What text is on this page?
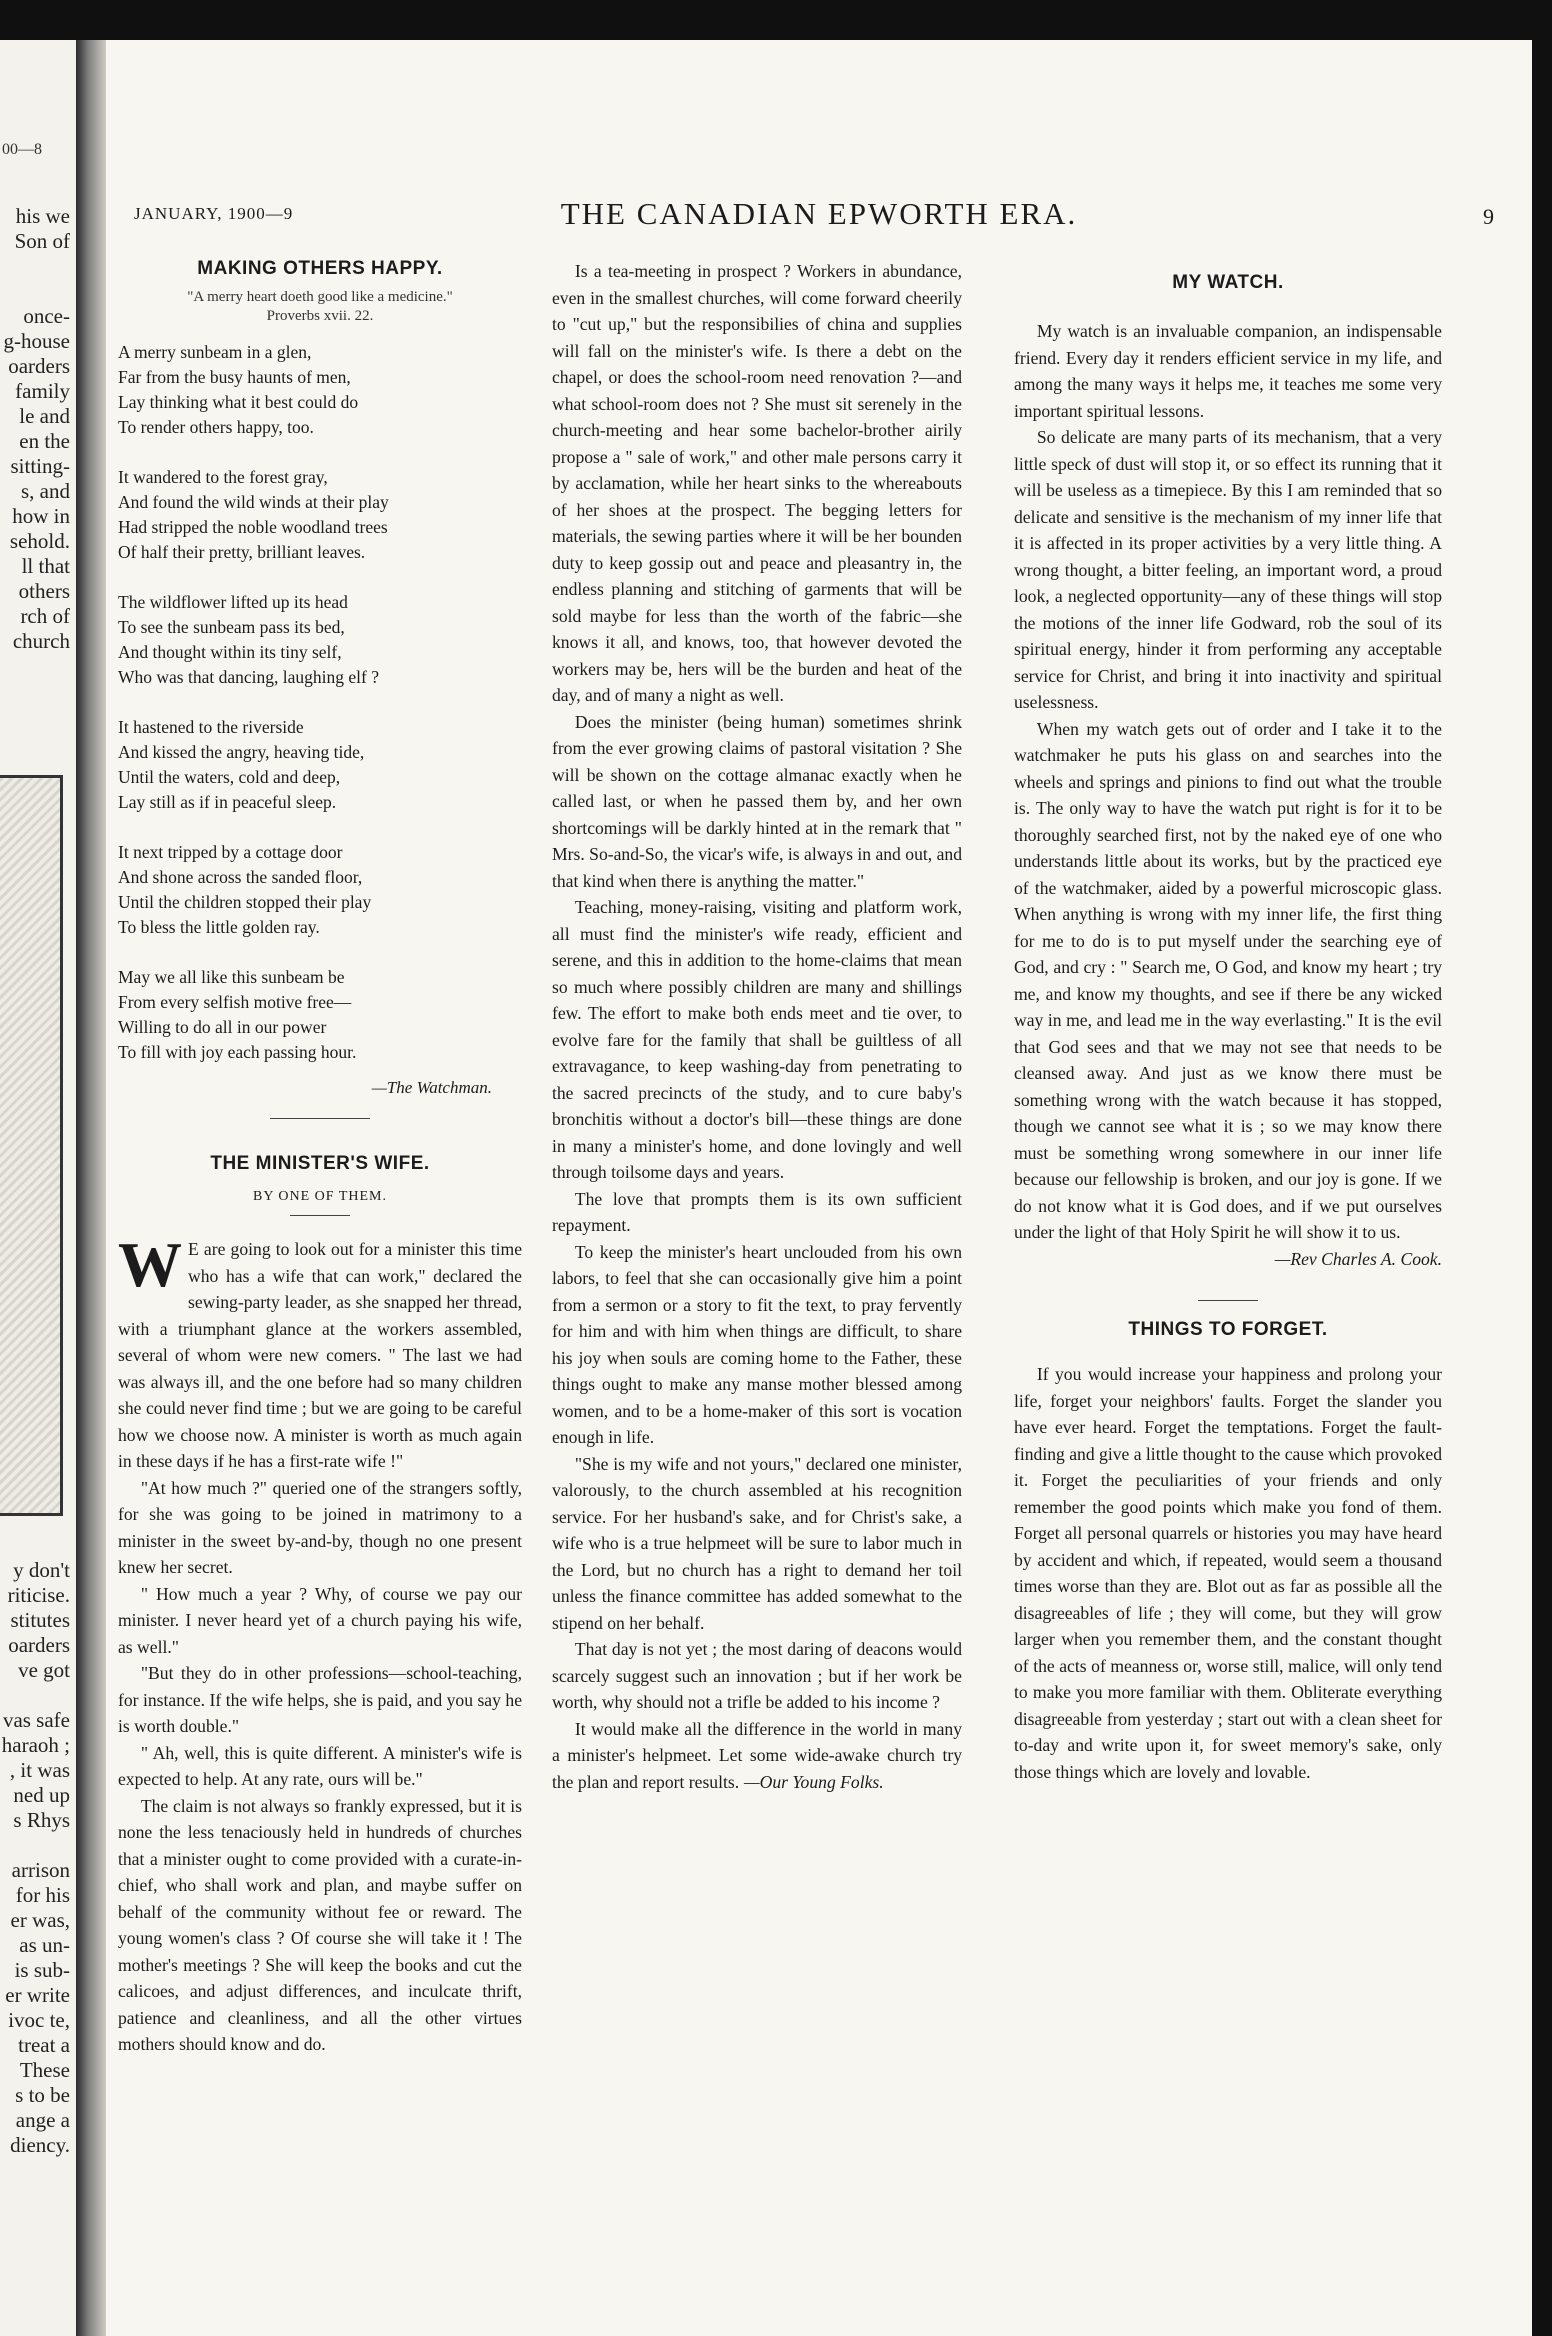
00—8
his we
Son of
once-
g-house
oarders
family
le and
en the
sitting-
s, and
how in
sehold.
ll that
others
rch of
church
y don't
riticise.
stitutes
oarders
ve got
vas safe
haraoh ;
, it was
ned up
s Rhys
arrison
for his
er was,
as un-
is sub-
er write
ivoc te,
treat a
These
s to be
ange a
diency.
JANUARY, 1900—9	THE CANADIAN EPWORTH ERA.	9
MAKING OTHERS HAPPY.
"A merry heart doeth good like a medicine."
Proverbs xvii. 22.
A merry sunbeam in a glen,
Far from the busy haunts of men,
Lay thinking what it best could do
To render others happy, too.
It wandered to the forest gray,
And found the wild winds at their play
Had stripped the noble woodland trees
Of half their pretty, brilliant leaves.
The wildflower lifted up its head
To see the sunbeam pass its bed,
And thought within its tiny self,
Who was that dancing, laughing elf ?
It hastened to the riverside
And kissed the angry, heaving tide,
Until the waters, cold and deep,
Lay still as if in peaceful sleep.
It next tripped by a cottage door
And shone across the sanded floor,
Until the children stopped their play
To bless the little golden ray.
May we all like this sunbeam be
From every selfish motive free—
Willing to do all in our power
To fill with joy each passing hour.
—The Watchman.
THE MINISTER'S WIFE.
BY ONE OF THEM.

W E are going to look out for a minister this time who has a wife that can work," declared the sewing-party leader, as she snapped her thread, with a triumphant glance at the workers assembled, several of whom were new comers. " The last we had was always ill, and the one before had so many children she could never find time ; but we are going to be careful how we choose now. A minister is worth as much again in these days if he has a first-rate wife !"

"At how much ?" queried one of the strangers softly, for she was going to be joined in matrimony to a minister in the sweet by-and-by, though no one present knew her secret.

" How much a year ? Why, of course we pay our minister. I never heard yet of a church paying his wife, as well."

"But they do in other professions—school-teaching, for instance. If the wife helps, she is paid, and you say he is worth double."

" Ah, well, this is quite different. A minister's wife is expected to help. At any rate, ours will be."

The claim is not always so frankly expressed, but it is none the less tenaciously held in hundreds of churches that a minister ought to come provided with a curate-in-chief, who shall work and plan, and maybe suffer on behalf of the community without fee or reward. The young women's class ? Of course she will take it ! The mother's meetings ? She will keep the books and cut the calicoes, and adjust differences, and inculcate thrift, patience and cleanliness, and all the other virtues mothers should know and do.

Is a tea-meeting in prospect ? Workers in abundance, even in the smallest churches, will come forward cheerily to "cut up," but the responsibilies of china and supplies will fall on the minister's wife. Is there a debt on the chapel, or does the school-room need renovation ?—and what school-room does not ? She must sit serenely in the church-meeting and hear some bachelor-brother airily propose a " sale of work," and other male persons carry it by acclamation, while her heart sinks to the whereabouts of her shoes at the prospect. The begging letters for materials, the sewing parties where it will be her bounden duty to keep gossip out and peace and pleasantry in, the endless planning and stitching of garments that will be sold maybe for less than the worth of the fabric—she knows it all, and knows, too, that however devoted the workers may be, hers will be the burden and heat of the day, and of many a night as well.

Does the minister (being human) sometimes shrink from the ever growing claims of pastoral visitation ? She will be shown on the cottage almanac exactly when he called last, or when he passed them by, and her own shortcomings will be darkly hinted at in the remark that " Mrs. So-and-So, the vicar's wife, is always in and out, and that kind when there is anything the matter."

Teaching, money-raising, visiting and platform work, all must find the minister's wife ready, efficient and serene, and this in addition to the home-claims that mean so much where possibly children are many and shillings few. The effort to make both ends meet and tie over, to evolve fare for the family that shall be guiltless of all extravagance, to keep washing-day from penetrating to the sacred precincts of the study, and to cure baby's bronchitis without a doctor's bill—these things are done in many a minister's home, and done lovingly and well through toilsome days and years.

The love that prompts them is its own sufficient repayment.

To keep the minister's heart unclouded from his own labors, to feel that she can occasionally give him a point from a sermon or a story to fit the text, to pray fervently for him and with him when things are difficult, to share his joy when souls are coming home to the Father, these things ought to make any manse mother blessed among women, and to be a home-maker of this sort is vocation enough in life.

"She is my wife and not yours," declared one minister, valorously, to the church assembled at his recognition service. For her husband's sake, and for Christ's sake, a wife who is a true helpmeet will be sure to labor much in the Lord, but no church has a right to demand her toil unless the finance committee has added somewhat to the stipend on her behalf.

That day is not yet ; the most daring of deacons would scarcely suggest such an innovation ; but if her work be worth, why should not a trifle be added to his income ?

It would make all the difference in the world in many a minister's helpmeet. Let some wide-awake church try the plan and report results. —Our Young Folks.

MY WATCH.

My watch is an invaluable companion, an indispensable friend. Every day it renders efficient service in my life, and among the many ways it helps me, it teaches me some very important spiritual lessons.

So delicate are many parts of its mechanism, that a very little speck of dust will stop it, or so effect its running that it will be useless as a timepiece. By this I am reminded that so delicate and sensitive is the mechanism of my inner life that it is affected in its proper activities by a very little thing. A wrong thought, a bitter feeling, an important word, a proud look, a neglected opportunity—any of these things will stop the motions of the inner life Godward, rob the soul of its spiritual energy, hinder it from performing any acceptable service for Christ, and bring it into inactivity and spiritual uselessness.

When my watch gets out of order and I take it to the watchmaker he puts his glass on and searches into the wheels and springs and pinions to find out what the trouble is. The only way to have the watch put right is for it to be thoroughly searched first, not by the naked eye of one who understands little about its works, but by the practiced eye of the watchmaker, aided by a powerful microscopic glass. When anything is wrong with my inner life, the first thing for me to do is to put myself under the searching eye of God, and cry : " Search me, O God, and know my heart ; try me, and know my thoughts, and see if there be any wicked way in me, and lead me in the way everlasting." It is the evil that God sees and that we may not see that needs to be cleansed away. And just as we know there must be something wrong with the watch because it has stopped, though we cannot see what it is ; so we may know there must be something wrong somewhere in our inner life because our fellowship is broken, and our joy is gone. If we do not know what it is God does, and if we put ourselves under the light of that Holy Spirit he will show it to us.

—Rev Charles A. Cook.

THINGS TO FORGET.

If you would increase your happiness and prolong your life, forget your neighbors' faults. Forget the slander you have ever heard. Forget the temptations. Forget the fault-finding and give a little thought to the cause which provoked it. Forget the peculiarities of your friends and only remember the good points which make you fond of them. Forget all personal quarrels or histories you may have heard by accident and which, if repeated, would seem a thousand times worse than they are. Blot out as far as possible all the disagreeables of life ; they will come, but they will grow larger when you remember them, and the constant thought of the acts of meanness or, worse still, malice, will only tend to make you more familiar with them. Obliterate everything disagreeable from yesterday ; start out with a clean sheet for to-day and write upon it, for sweet memory's sake, only those things which are lovely and lovable.
